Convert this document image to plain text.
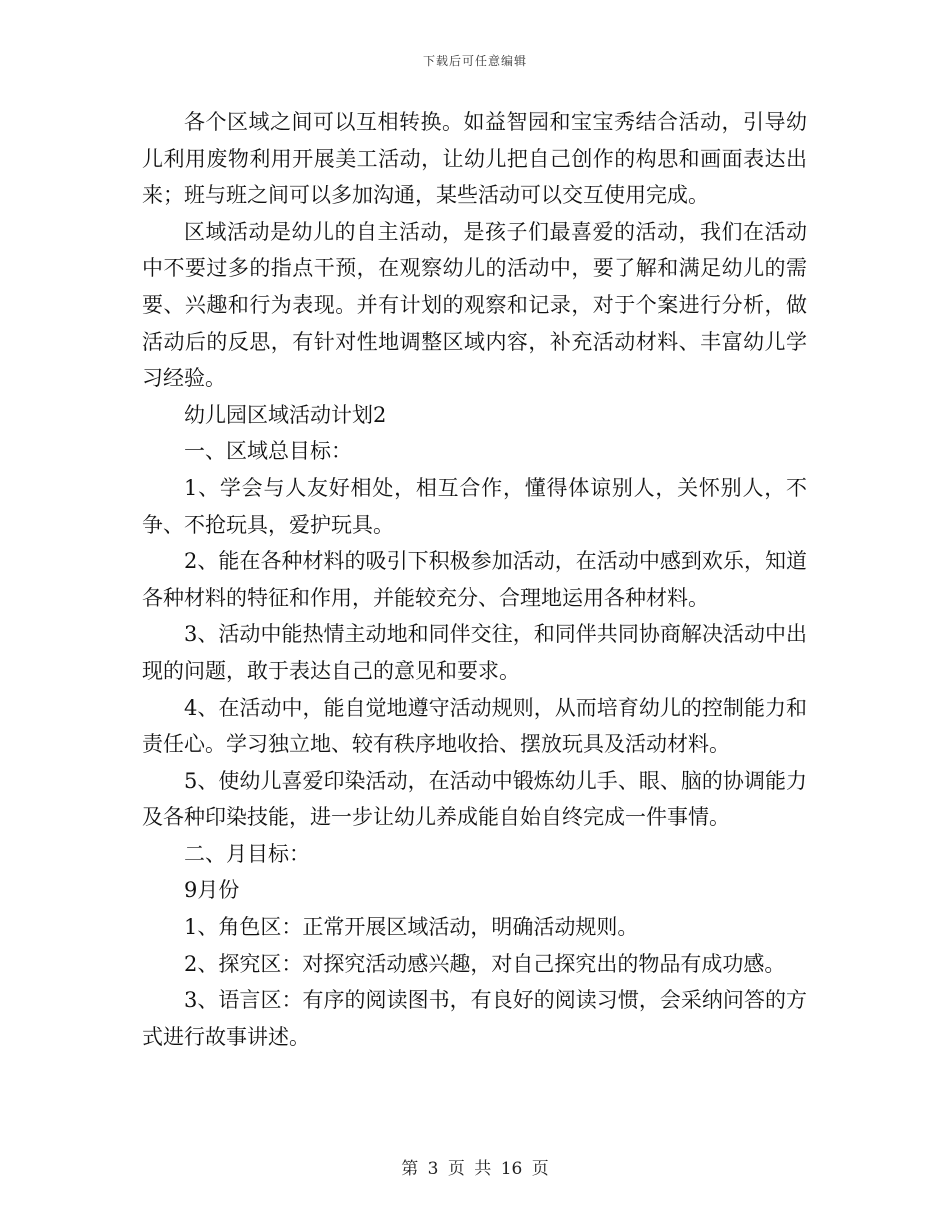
下载后可任意编辑

各个区域之间可以互相转换。如益智园和宝宝秀结合活动，引导幼儿利用废物利用开展美工活动，让幼儿把自己创作的构思和画面表达出来；班与班之间可以多加沟通，某些活动可以交互使用完成。

区域活动是幼儿的自主活动，是孩子们最喜爱的活动，我们在活动中不要过多的指点干预，在观察幼儿的活动中，要了解和满足幼儿的需要、兴趣和行为表现。并有计划的观察和记录，对于个案进行分析，做活动后的反思，有针对性地调整区域内容，补充活动材料、丰富幼儿学习经验。

幼儿园区域活动计划2

一、区域总目标：

1、学会与人友好相处，相互合作，懂得体谅别人，关怀别人，不争、不抢玩具，爱护玩具。

2、能在各种材料的吸引下积极参加活动，在活动中感到欢乐，知道各种材料的特征和作用，并能较充分、合理地运用各种材料。

3、活动中能热情主动地和同伴交往，和同伴共同协商解决活动中出现的问题，敢于表达自己的意见和要求。

4、在活动中，能自觉地遵守活动规则，从而培育幼儿的控制能力和责任心。学习独立地、较有秩序地收拾、摆放玩具及活动材料。

5、使幼儿喜爱印染活动，在活动中锻炼幼儿手、眼、脑的协调能力及各种印染技能，进一步让幼儿养成能自始自终完成一件事情。

二、月目标：

9月份

1、角色区：正常开展区域活动，明确活动规则。

2、探究区：对探究活动感兴趣，对自己探究出的物品有成功感。

3、语言区：有序的阅读图书，有良好的阅读习惯，会采纳问答的方式进行故事讲述。

第 3 页 共 16 页
